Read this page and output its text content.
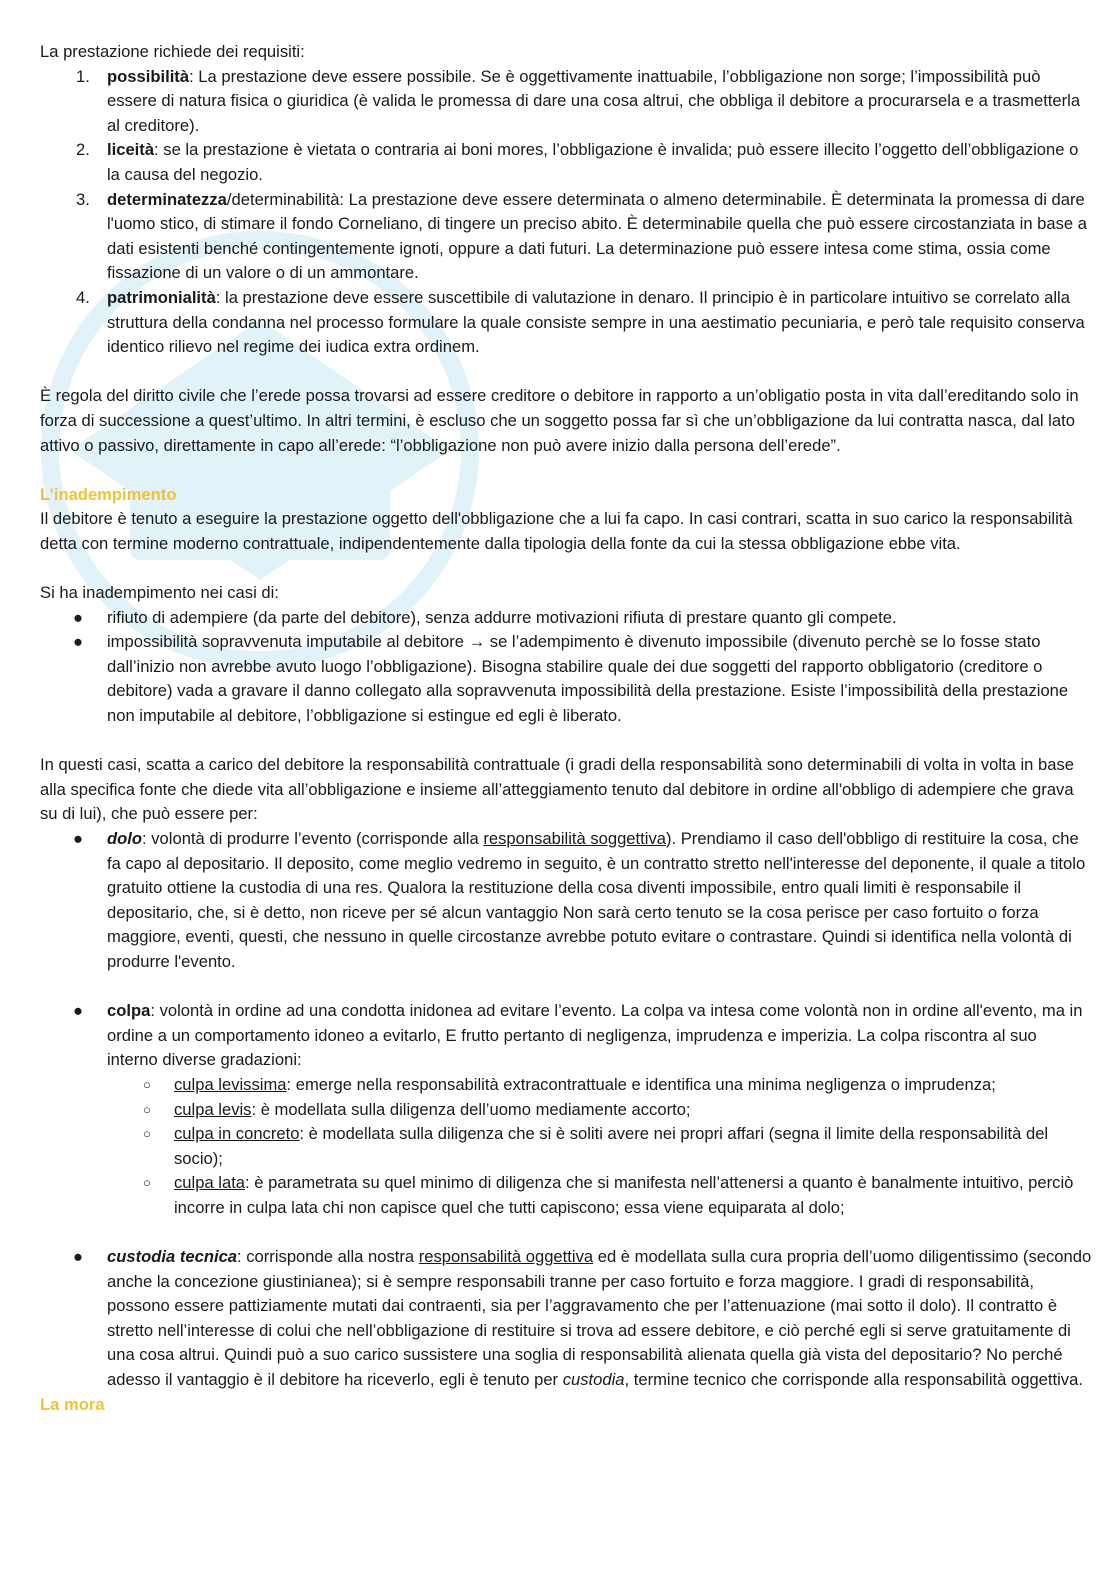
La prestazione richiede dei requisiti:

1. possibilità: La prestazione deve essere possibile. Se è oggettivamente inattuabile, l’obbligazione non sorge; l’impossibilità può essere di natura fisica o giuridica (è valida le promessa di dare una cosa altrui, che obbliga il debitore a procurarsela e a trasmetterla al creditore).
2. liceità: se la prestazione è vietata o contraria ai boni mores, l’obbligazione è invalida; può essere illecito l’oggetto dell’obbligazione o la causa del negozio.
3. determinatezza/determinabilità: La prestazione deve essere determinata o almeno determinabile. È determinata la promessa di dare l'uomo stico, di stimare il fondo Corneliano, di tingere un preciso abito. È determinabile quella che può essere circostanziata in base a dati esistenti benché contingentemente ignoti, oppure a dati futuri. La determinazione può essere intesa come stima, ossia come fissazione di un valore o di un ammontare.
4. patrimonialità: la prestazione deve essere suscettibile di valutazione in denaro. Il principio è in particolare intuitivo se correlato alla struttura della condanna nel processo formulare la quale consiste sempre in una aestimatio pecuniaria, e però tale requisito conserva identico rilievo nel regime dei iudica extra ordinem.

È regola del diritto civile che l’erede possa trovarsi ad essere creditore o debitore in rapporto a un’obligatio posta in vita dall’ereditando solo in forza di successione a quest’ultimo. In altri termini, è escluso che un soggetto possa far sì che un’obbligazione da lui contratta nasca, dal lato attivo o passivo, direttamente in capo all’erede: “l’obbligazione non può avere inizio dalla persona dell’erede”.

L’inadempimento

Il debitore è tenuto a eseguire la prestazione oggetto dell'obbligazione che a lui fa capo. In casi contrari, scatta in suo carico la responsabilità detta con termine moderno contrattuale, indipendentemente dalla tipologia della fonte da cui la stessa obbligazione ebbe vita.

Si ha inadempimento nei casi di:

● rifiuto di adempiere (da parte del debitore), senza addurre motivazioni rifiuta di prestare quanto gli compete.
● impossibilità sopravvenuta imputabile al debitore → se l’adempimento è divenuto impossibile (divenuto perchè se lo fosse stato dall’inizio non avrebbe avuto luogo l’obbligazione). Bisogna stabilire quale dei due soggetti del rapporto obbligatorio (creditore o debitore) vada a gravare il danno collegato alla sopravvenuta impossibilità della prestazione. Esiste l’impossibilità della prestazione non imputabile al debitore, l’obbligazione si estingue ed egli è liberato.

In questi casi, scatta a carico del debitore la responsabilità contrattuale (i gradi della responsabilità sono determinabili di volta in volta in base alla specifica fonte che diede vita all’obbligazione e insieme all’atteggiamento tenuto dal debitore in ordine all'obbligo di adempiere che grava su di lui), che può essere per:

● dolo: volontà di produrre l’evento (corrisponde alla responsabilità soggettiva). Prendiamo il caso dell'obbligo di restituire la cosa, che fa capo al depositario. Il deposito, come meglio vedremo in seguito, è un contratto stretto nell'interesse del deponente, il quale a titolo gratuito ottiene la custodia di una res. Qualora la restituzione della cosa diventi impossibile, entro quali limiti è responsabile il depositario, che, si è detto, non riceve per sé alcun vantaggio Non sarà certo tenuto se la cosa perisce per caso fortuito o forza maggiore, eventi, questi, che nessuno in quelle circostanze avrebbe potuto evitare o contrastare. Quindi si identifica nella volontà di produrre l'evento.
● colpa: volontà in ordine ad una condotta inidonea ad evitare l’evento. La colpa va intesa come volontà non in ordine all'evento, ma in ordine a un comportamento idoneo a evitarlo, E frutto pertanto di negligenza, imprudenza e imperizia. La colpa riscontra al suo interno diverse gradazioni:
○ culpa levissima: emerge nella responsabilità extracontrattuale e identifica una minima negligenza o imprudenza;
○ culpa levis: è modellata sulla diligenza dell’uomo mediamente accorto;
○ culpa in concreto: è modellata sulla diligenza che si è soliti avere nei propri affari (segna il limite della responsabilità del socio);
○ culpa lata: è parametrata su quel minimo di diligenza che si manifesta nell’attenersi a quanto è banalmente intuitivo, perciò incorre in culpa lata chi non capisce quel che tutti capiscono; essa viene equiparata al dolo;
● custodia tecnica: corrisponde alla nostra responsabilità oggettiva ed è modellata sulla cura propria dell’uomo diligentissimo (secondo anche la concezione giustinianea); si è sempre responsabili tranne per caso fortuito e forza maggiore. I gradi di responsabilità, possono essere pattiziamente mutati dai contraenti, sia per l’aggravamento che per l’attenuazione (mai sotto il dolo). Il contratto è stretto nell’interesse di colui che nell’obbligazione di restituire si trova ad essere debitore, e ciò perché egli si serve gratuitamente di una cosa altrui. Quindi può a suo carico sussistere una soglia di responsabilità alienata quella già vista del depositario? No perché adesso il vantaggio è il debitore ha riceverlo, egli è tenuto per custodia, termine tecnico che corrisponde alla responsabilità oggettiva.

La mora
